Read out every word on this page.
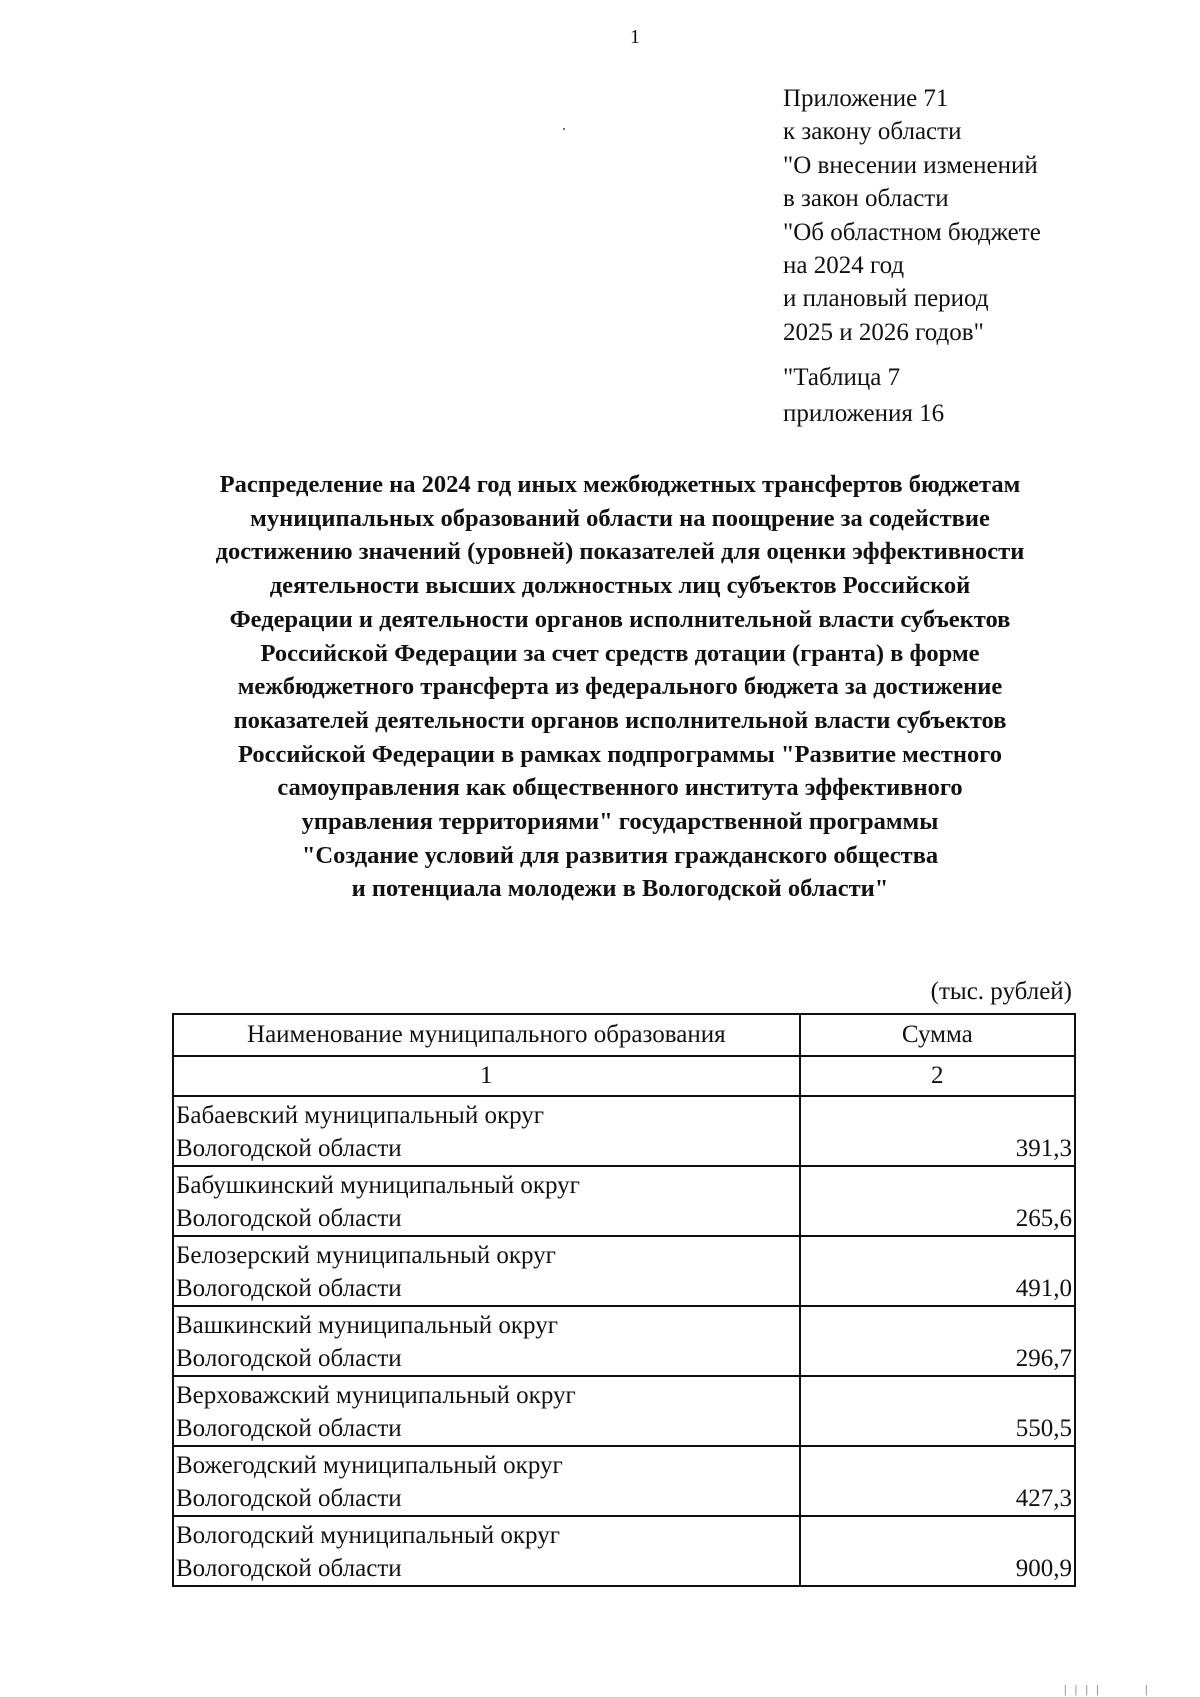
1
Приложение 71
к закону области
"О внесении изменений
в закон области
"Об областном бюджете
на 2024 год
и плановый период
2025 и 2026 годов"
"Таблица 7
приложения 16
Распределение на 2024 год иных межбюджетных трансфертов бюджетам
муниципальных образований области на поощрение за содействие
достижению значений (уровней) показателей для оценки эффективности
деятельности высших должностных лиц субъектов Российской
Федерации и деятельности органов исполнительной власти субъектов
Российской Федерации за счет средств дотации (гранта) в форме
межбюджетного трансферта из федерального бюджета за достижение
показателей деятельности органов исполнительной власти субъектов
Российской Федерации в рамках подпрограммы "Развитие местного
самоуправления как общественного института эффективного
управления территориями" государственной программы
"Создание условий для развития гражданского общества
и потенциала молодежи в Вологодской области"
(тыс. рублей)
Наименование муниципального образования	Сумма
1	2
Бабаевский муниципальный округ
Вологодской области	391,3
Бабушкинский муниципальный округ
Вологодской области	265,6
Белозерский муниципальный округ
Вологодской области	491,0
Вашкинский муниципальный округ
Вологодской области	296,7
Верховажский муниципальный округ
Вологодской области	550,5
Вожегодский муниципальный округ
Вологодской области	427,3
Вологодский муниципальный округ
Вологодской области	900,9
| | | |        |
